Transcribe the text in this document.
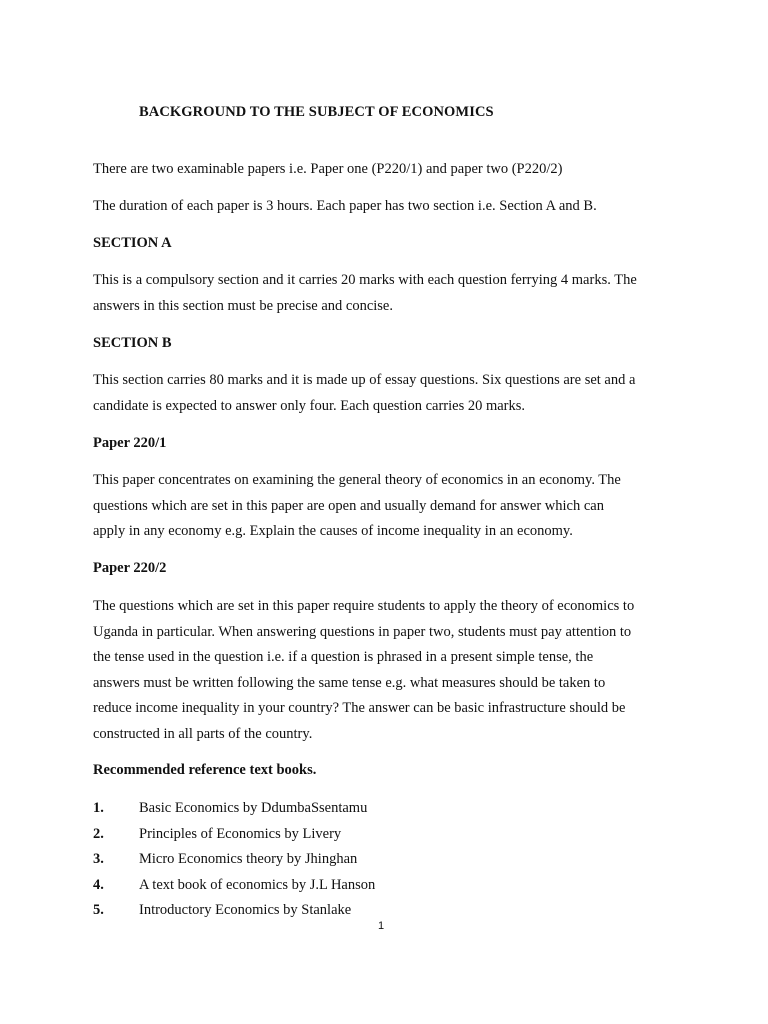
BACKGROUND TO THE SUBJECT OF ECONOMICS
There are two examinable papers i.e. Paper one (P220/1) and paper two (P220/2)
The duration of each paper is 3 hours. Each paper has two section i.e. Section A and B.
SECTION A
This is a compulsory section and it carries 20 marks with each question ferrying 4 marks. The
answers in this section must be precise and concise.
SECTION B
This section carries 80 marks and it is made up of essay questions. Six questions are set and a
candidate is expected to answer only four. Each question carries 20 marks.
Paper 220/1
This paper concentrates on examining the general theory of economics in an economy. The
questions which are set in this paper are open and usually demand for answer which can
apply in any economy e.g. Explain the causes of income inequality in an economy.
Paper 220/2
The questions which are set in this paper require students to apply the theory of economics to
Uganda in particular. When answering questions in paper two, students must pay attention to
the tense used in the question i.e. if a question is phrased in a present simple tense, the
answers must be written following the same tense e.g. what measures should be taken to
reduce income inequality in your country? The answer can be basic infrastructure should be
constructed in all parts of the country.
Recommended reference text books.
1. Basic Economics by DdumbaSsentamu
2. Principles of Economics by Livery
3. Micro Economics theory by Jhinghan
4. A text book of economics by J.L Hanson
5. Introductory Economics by Stanlake
1
